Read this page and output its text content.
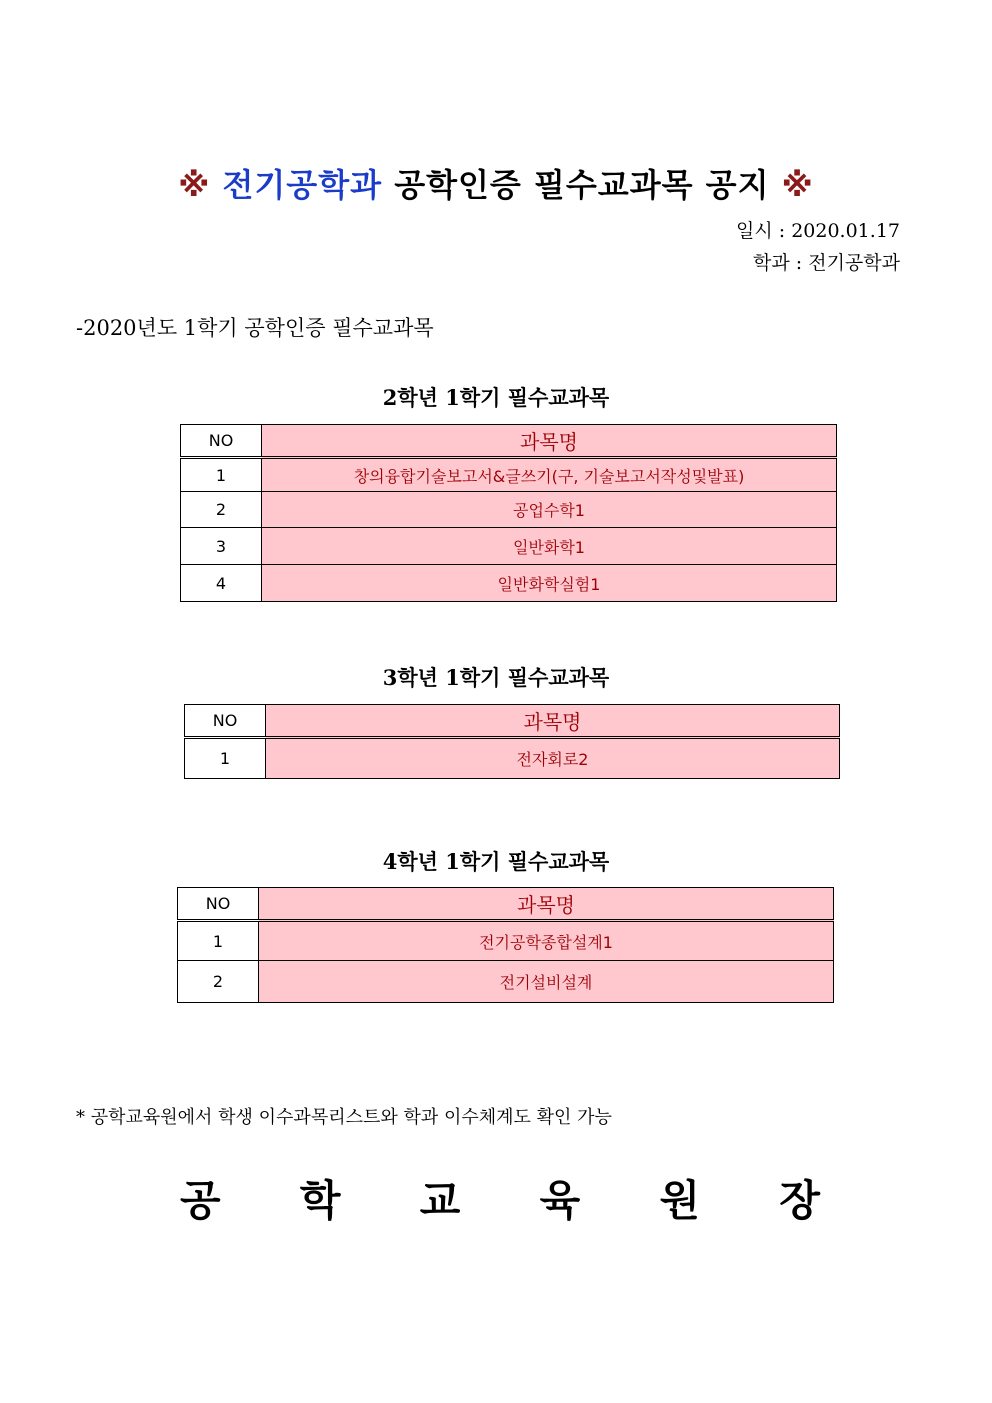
※ 전기공학과 공학인증 필수교과목 공지 ※
일시 : 2020.01.17
학과 : 전기공학과
-2020년도 1학기 공학인증 필수교과목
2학년 1학기 필수교과목
NO	과목명
1	창의융합기술보고서&글쓰기(구, 기술보고서작성및발표)
2	공업수학1
3	일반화학1
4	일반화학실험1
3학년 1학기 필수교과목
NO	과목명
1	전자회로2
4학년 1학기 필수교과목
NO	과목명
1	전기공학종합설계1
2	전기설비설계
* 공학교육원에서 학생 이수과목리스트와 학과 이수체계도 확인 가능
공 학 교 육 원 장
